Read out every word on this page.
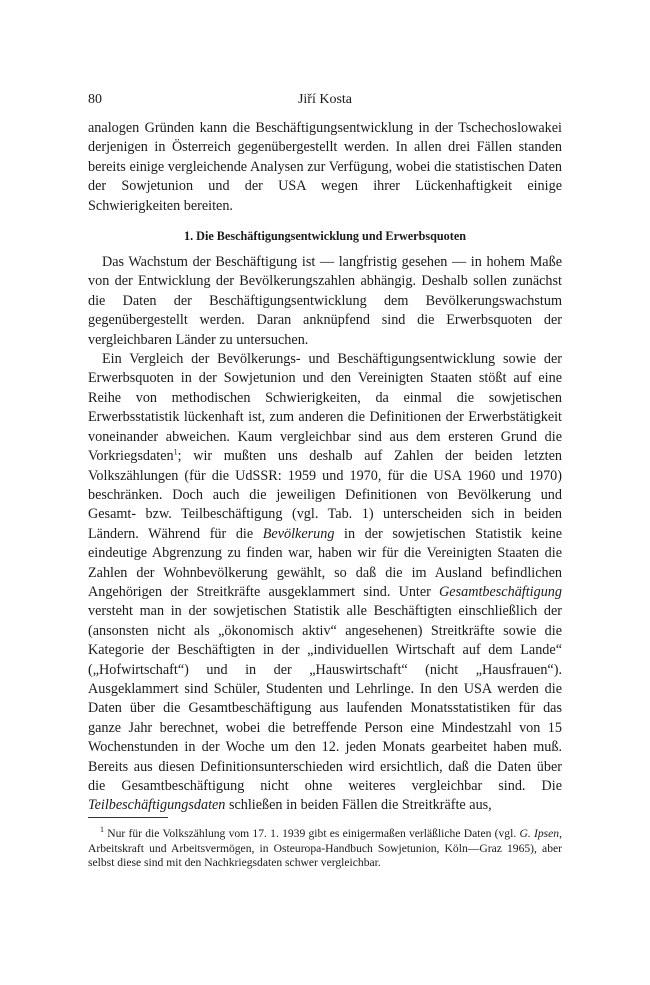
80	Jiří Kosta

analogen Gründen kann die Beschäftigungsentwicklung in der Tschechoslowakei derjenigen in Österreich gegenübergestellt werden. In allen drei Fällen standen bereits einige vergleichende Analysen zur Verfügung, wobei die statistischen Daten der Sowjetunion und der USA wegen ihrer Lückenhaftigkeit einige Schwierigkeiten bereiten.

1. Die Beschäftigungsentwicklung und Erwerbsquoten

Das Wachstum der Beschäftigung ist — langfristig gesehen — in hohem Maße von der Entwicklung der Bevölkerungszahlen abhängig. Deshalb sollen zunächst die Daten der Beschäftigungsentwicklung dem Bevölkerungswachstum gegenübergestellt werden. Daran anknüpfend sind die Erwerbsquoten der vergleichbaren Länder zu untersuchen.

Ein Vergleich der Bevölkerungs- und Beschäftigungsentwicklung sowie der Erwerbsquoten in der Sowjetunion und den Vereinigten Staaten stößt auf eine Reihe von methodischen Schwierigkeiten, da einmal die sowjetischen Erwerbsstatistik lückenhaft ist, zum anderen die Definitionen der Erwerbstätigkeit voneinander abweichen. Kaum vergleichbar sind aus dem ersteren Grund die Vorkriegsdaten$^1$; wir mußten uns deshalb auf Zahlen der beiden letzten Volkszählungen (für die UdSSR: 1959 und 1970, für die USA 1960 und 1970) beschränken. Doch auch die jeweiligen Definitionen von Bevölkerung und Gesamt- bzw. Teilbeschäftigung (vgl. Tab. 1) unterscheiden sich in beiden Ländern. Während für die Bevölkerung in der sowjetischen Statistik keine eindeutige Abgrenzung zu finden war, haben wir für die Vereinigten Staaten die Zahlen der Wohnbevölkerung gewählt, so daß die im Ausland befindlichen Angehörigen der Streitkräfte ausgeklammert sind. Unter Gesamtbeschäftigung versteht man in der sowjetischen Statistik alle Beschäftigten einschließlich der (ansonsten nicht als „ökonomisch aktiv“ angesehenen) Streitkräfte sowie die Kategorie der Beschäftigten in der „individuellen Wirtschaft auf dem Lande“ („Hofwirtschaft“) und in der „Hauswirtschaft“ (nicht „Hausfrauen“). Ausgeklammert sind Schüler, Studenten und Lehrlinge. In den USA werden die Daten über die Gesamtbeschäftigung aus laufenden Monatsstatistiken für das ganze Jahr berechnet, wobei die betreffende Person eine Mindestzahl von 15 Wochenstunden in der Woche um den 12. jeden Monats gearbeitet haben muß. Bereits aus diesen Definitionsunterschieden wird ersichtlich, daß die Daten über die Gesamtbeschäftigung nicht ohne weiteres vergleichbar sind. Die Teilbeschäftigungsdaten schließen in beiden Fällen die Streitkräfte aus,

$^1$ Nur für die Volkszählung vom 17. 1. 1939 gibt es einigermaßen verläßliche Daten (vgl. G. Ipsen, Arbeitskraft und Arbeitsvermögen, in Osteuropa-Handbuch Sowjetunion, Köln—Graz 1965), aber selbst diese sind mit den Nachkriegsdaten schwer vergleichbar.
